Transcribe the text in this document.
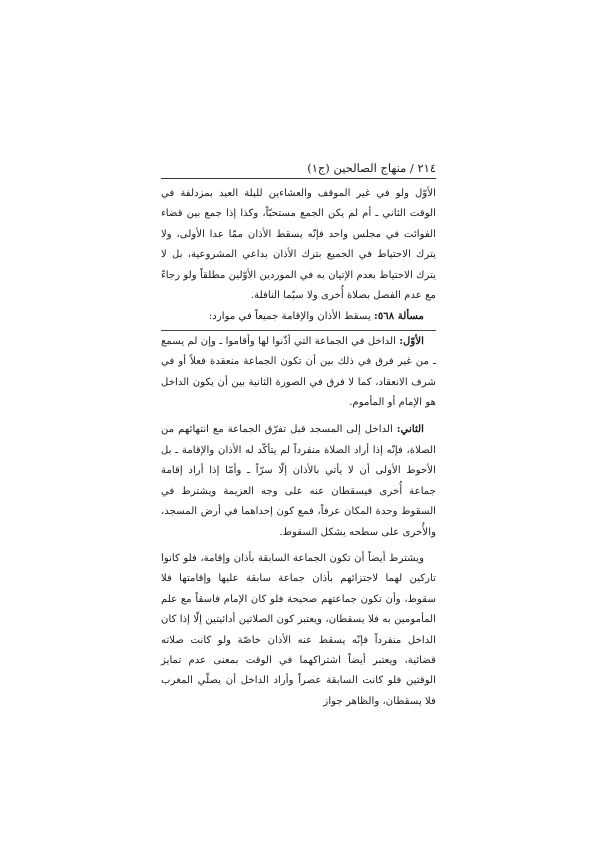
٢١٤ / منهاج الصالحين (ج١)

الأوّل ولو في غير الموقف والعشاءين لليلة العيد بمزدلفة في الوقت الثاني ـ أم لم يكن الجمع مستحبّاً، وكذا إذا جمع بين قضاء الفوائت في مجلس واحد فإنّه يسقط الأذان ممّا عدا الأولى، ولا يترك الاحتياط في الجميع بترك الأذان بداعي المشروعية، بل لا يترك الاحتياط بعدم الإتيان به في الموردين الأوّلين مطلقاً ولو رجاءً مع عدم الفصل بصلاة أُخرى ولا سيّما النافلة.

مسألة ٥٦٨: يسقط الأذان والإقامة جميعاً في موارد:

الأوّل: الداخل في الجماعة التي أذّنوا لها وأقاموا ـ وإن لم يسمع ـ من غير فرق في ذلك بين أن تكون الجماعة منعقدة فعلاً أو في شرف الانعقاد، كما لا فرق في الصورة الثانية بين أن يكون الداخل هو الإمام أو المأموم.

الثاني: الداخل إلى المسجد قبل تفرّق الجماعة مع انتهائهم من الصلاة، فإنّه إذا أراد الصلاة منفرداً لم يتأكّد له الأذان والإقامة ـ بل الأحوط الأولى أن لا يأتي بالأذان إلّا سرّاً ـ وأمّا إذا أراد إقامة جماعة أُخرى فيسقطان عنه على وجه العزيمة ويشترط في السقوط وحدة المكان عرفاً، فمع كون إحداهما في أرض المسجد، والأُخرى على سطحه يشكل السقوط.

ويشترط أيضاً أن تكون الجماعة السابقة بأذان وإقامة، فلو كانوا تاركين لهما لاجتزائهم بأذان جماعة سابقة عليها وإقامتها فلا سقوط، وأن تكون جماعتهم صحيحة فلو كان الإمام فاسقاً مع علم المأمومين به فلا يسقطان، ويعتبر كون الصلاتين أدائيتين إلّا إذا كان الداخل منفرداً فإنّه يسقط عنه الأذان خاصّة ولو كانت صلاته قضائية، ويعتبر أيضاً اشتراكهما في الوقت بمعنى عدم تمايز الوقتين فلو كانت السابقة عصراً وأراد الداخل أن يصلّي المغرب فلا يسقطان، والظاهر جواز
